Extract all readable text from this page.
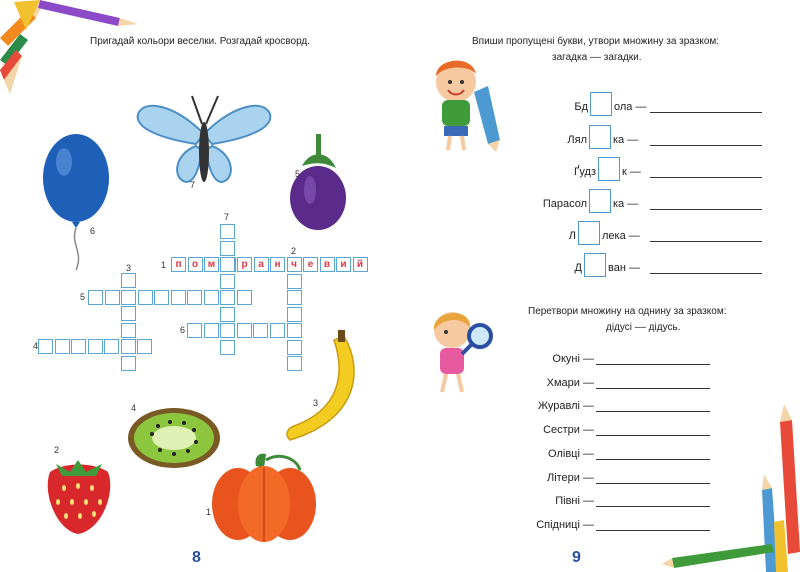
Пригадай кольори веселки. Розгадай кросворд.
7
5
6
3
4
2
1
п	о м	р	а	н	ч	е	в	и	й
7
2
3	1
5
6
4
8
Впиши пропущені букви, утвори множину за зразком:
загадка –– загадки.
Бд ола —
Лял ка —
Ґудз к —
Парасол ка —
Л лека —
Д ван —
Перетвори множину на однину за зразком:
дідусі –– дідусь.
Окуні —
Хмари —
Журавлі —
Сестри —
Олівці —
Літери —
Півні —
Спідниці —
9
